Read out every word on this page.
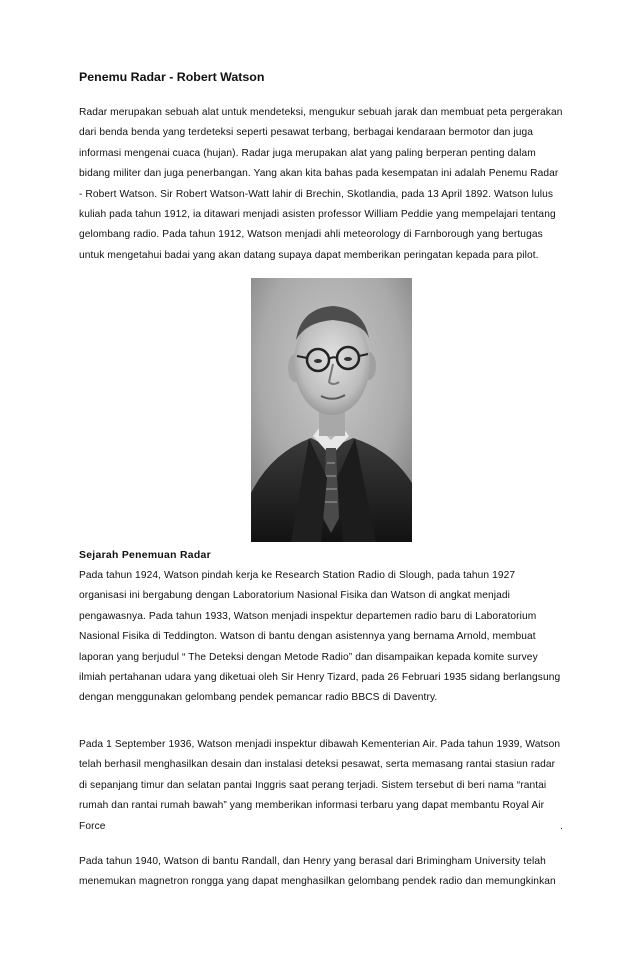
Penemu Radar - Robert Watson

Radar merupakan sebuah alat untuk mendeteksi, mengukur sebuah jarak dan membuat peta pergerakan

dari benda benda yang terdeteksi seperti pesawat terbang, berbagai kendaraan bermotor dan juga

informasi mengenai cuaca (hujan). Radar juga merupakan alat yang paling berperan penting dalam

bidang militer dan juga penerbangan. Yang akan kita bahas pada kesempatan ini adalah Penemu Radar

- Robert Watson. Sir Robert Watson-Watt lahir di Brechin, Skotlandia, pada 13 April 1892. Watson lulus

kuliah pada tahun 1912, ia ditawari menjadi asisten professor William Peddie yang mempelajari tentang

gelombang radio. Pada tahun 1912, Watson menjadi ahli meteorology di Farnborough yang bertugas

untuk mengetahui badai yang akan datang supaya dapat memberikan peringatan kepada para pilot.

Sejarah Penemuan Radar

Pada tahun 1924, Watson pindah kerja ke Research Station Radio di Slough, pada tahun 1927

organisasi ini bergabung dengan Laboratorium Nasional Fisika dan Watson di angkat menjadi

pengawasnya. Pada tahun 1933, Watson menjadi inspektur departemen radio baru di Laboratorium

Nasional Fisika di Teddington. Watson di bantu dengan asistennya yang bernama Arnold, membuat

laporan yang berjudul “ The Deteksi dengan Metode Radio” dan disampaikan kepada komite survey

ilmiah pertahanan udara yang diketuai oleh Sir Henry Tizard, pada 26 Februari 1935 sidang berlangsung

dengan menggunakan gelombang pendek pemancar radio BBCS di Daventry.

Pada 1 September 1936, Watson menjadi inspektur dibawah Kementerian Air. Pada tahun 1939, Watson

telah berhasil menghasilkan desain dan instalasi deteksi pesawat, serta memasang rantai stasiun radar

di sepanjang timur dan selatan pantai Inggris saat perang terjadi. Sistem tersebut di beri nama “rantai

rumah dan rantai rumah bawah” yang memberikan informasi terbaru yang dapat membantu Royal Air

Force	.

Pada tahun 1940, Watson di bantu Randall, dan Henry yang berasal dari Brimingham University telah

menemukan magnetron rongga yang dapat menghasilkan gelombang pendek radio dan memungkinkan
